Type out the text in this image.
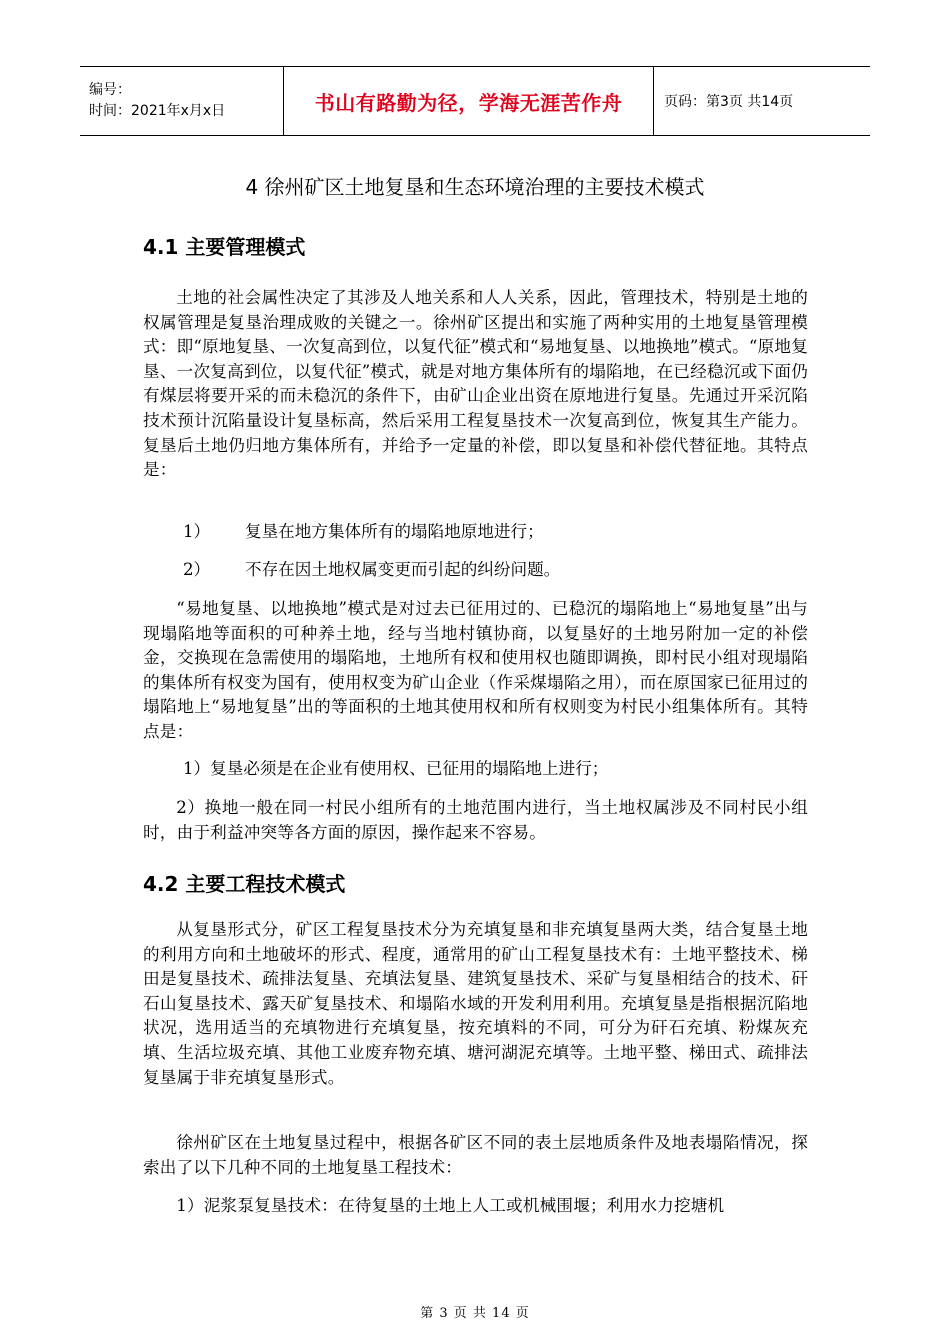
编号：
时间：2021年x月x日	书山有路勤为径，学海无涯苦作舟	页码：第3页 共14页
4 徐州矿区土地复垦和生态环境治理的主要技术模式
4.1 主要管理模式

土地的社会属性决定了其涉及人地关系和人人关系，因此，管理技术，特别是土地的权属管理是复垦治理成败的关键之一。徐州矿区提出和实施了两种实用的土地复垦管理模式：即“原地复垦、一次复高到位，以复代征”模式和“易地复垦、以地换地”模式。“原地复垦、一次复高到位，以复代征”模式，就是对地方集体所有的塌陷地，在已经稳沉或下面仍有煤层将要开采的而未稳沉的条件下，由矿山企业出资在原地进行复垦。先通过开采沉陷技术预计沉陷量设计复垦标高，然后采用工程复垦技术一次复高到位，恢复其生产能力。复垦后土地仍归地方集体所有，并给予一定量的补偿，即以复垦和补偿代替征地。其特点是：

1） 复垦在地方集体所有的塌陷地原地进行；

2） 不存在因土地权属变更而引起的纠纷问题。

“易地复垦、以地换地”模式是对过去已征用过的、已稳沉的塌陷地上“易地复垦”出与现塌陷地等面积的可种养土地，经与当地村镇协商，以复垦好的土地另附加一定的补偿金，交换现在急需使用的塌陷地，土地所有权和使用权也随即调换，即村民小组对现塌陷的集体所有权变为国有，使用权变为矿山企业（作采煤塌陷之用），而在原国家已征用过的塌陷地上“易地复垦”出的等面积的土地其使用权和所有权则变为村民小组集体所有。其特点是：

1）复垦必须是在企业有使用权、已征用的塌陷地上进行；

2）换地一般在同一村民小组所有的土地范围内进行，当土地权属涉及不同村民小组时，由于利益冲突等各方面的原因，操作起来不容易。

4.2 主要工程技术模式

从复垦形式分，矿区工程复垦技术分为充填复垦和非充填复垦两大类，结合复垦土地的利用方向和土地破坏的形式、程度，通常用的矿山工程复垦技术有：土地平整技术、梯田是复垦技术、疏排法复垦、充填法复垦、建筑复垦技术、采矿与复垦相结合的技术、矸石山复垦技术、露天矿复垦技术、和塌陷水域的开发利用利用。充填复垦是指根据沉陷地状况，选用适当的充填物进行充填复垦，按充填料的不同，可分为矸石充填、粉煤灰充填、生活垃圾充填、其他工业废弃物充填、塘河湖泥充填等。土地平整、梯田式、疏排法复垦属于非充填复垦形式。

徐州矿区在土地复垦过程中，根据各矿区不同的表土层地质条件及地表塌陷情况，探索出了以下几种不同的土地复垦工程技术：

1）泥浆泵复垦技术：在待复垦的土地上人工或机械围堰；利用水力挖塘机

第 3 页 共 14 页
